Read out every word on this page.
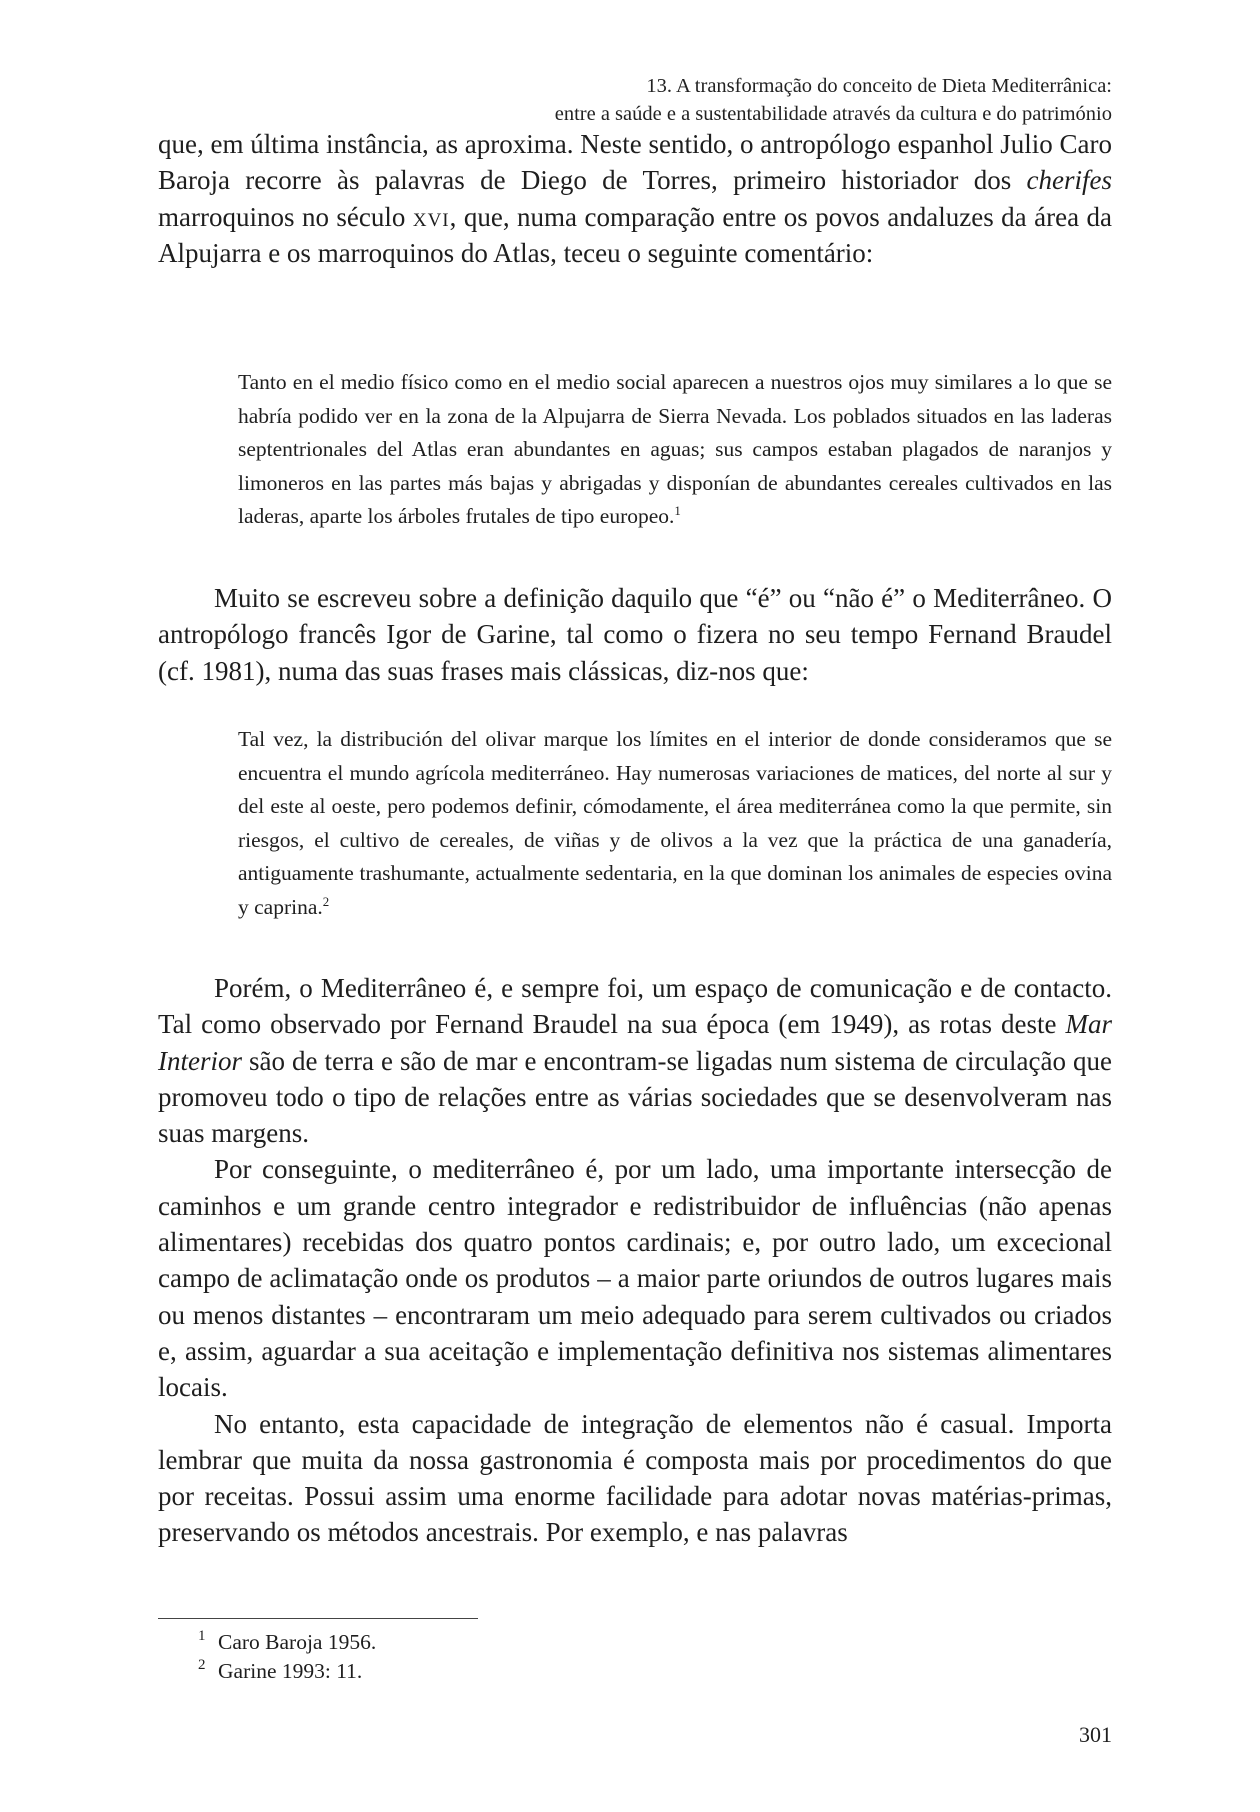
13. A transformação do conceito de Dieta Mediterrânica:
entre a saúde e a sustentabilidade através da cultura e do património

que, em última instância, as aproxima. Neste sentido, o antropólogo espanhol Julio Caro Baroja recorre às palavras de Diego de Torres, primeiro historiador dos cherifes marroquinos no século xvi, que, numa comparação entre os povos andaluzes da área da Alpujarra e os marroquinos do Atlas, teceu o seguinte comentário:

Tanto en el medio físico como en el medio social aparecen a nuestros ojos muy similares a lo que se habría podido ver en la zona de la Alpujarra de Sierra Nevada. Los poblados situados en las laderas septentrionales del Atlas eran abundantes en aguas; sus campos estaban plagados de naranjos y limoneros en las partes más bajas y abrigadas y disponían de abundantes cereales cultivados en las laderas, aparte los árboles frutales de tipo europeo.$^1$

Muito se escreveu sobre a definição daquilo que “é” ou “não é” o Mediterrâneo. O antropólogo francês Igor de Garine, tal como o fizera no seu tempo Fernand Braudel (cf. 1981), numa das suas frases mais clássicas, diz-nos que:

Tal vez, la distribución del olivar marque los límites en el interior de donde consideramos que se encuentra el mundo agrícola mediterráneo. Hay numerosas variaciones de matices, del norte al sur y del este al oeste, pero podemos definir, cómodamente, el área mediterránea como la que permite, sin riesgos, el cultivo de cereales, de viñas y de olivos a la vez que la práctica de una ganadería, antiguamente trashumante, actualmente sedentaria, en la que dominan los animales de especies ovina y caprina.$^2$

Porém, o Mediterrâneo é, e sempre foi, um espaço de comunicação e de contacto. Tal como observado por Fernand Braudel na sua época (em 1949), as rotas deste Mar Interior são de terra e são de mar e encontram-se ligadas num sistema de circulação que promoveu todo o tipo de relações entre as várias sociedades que se desenvolveram nas suas margens.

Por conseguinte, o mediterrâneo é, por um lado, uma importante intersecção de caminhos e um grande centro integrador e redistribuidor de influências (não apenas alimentares) recebidas dos quatro pontos cardinais; e, por outro lado, um excecional campo de aclimatação onde os produtos – a maior parte oriundos de outros lugares mais ou menos distantes – encontraram um meio adequado para serem cultivados ou criados e, assim, aguardar a sua aceitação e implementação definitiva nos sistemas alimentares locais.

No entanto, esta capacidade de integração de elementos não é casual. Importa lembrar que muita da nossa gastronomia é composta mais por procedimentos do que por receitas. Possui assim uma enorme facilidade para adotar novas matérias-primas, preservando os métodos ancestrais. Por exemplo, e nas palavras

1 Caro Baroja 1956.
2 Garine 1993: 11.
301
